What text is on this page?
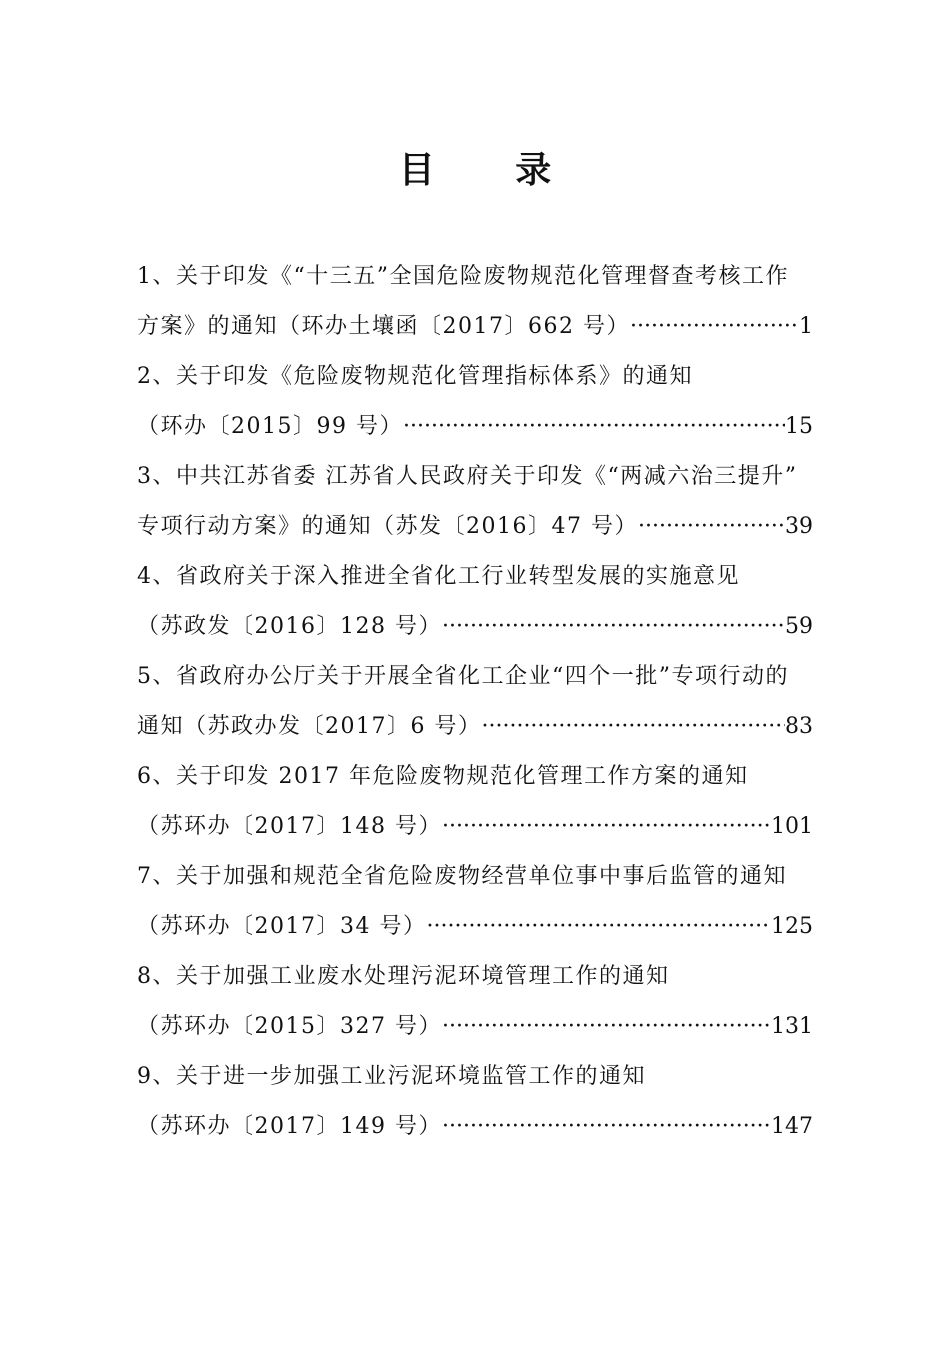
目 录
1、关于印发《“十三五”全国危险废物规范化管理督查考核工作
方案》的通知（环办土壤函〔2017〕662 号） ·····	1
2、关于印发《危险废物规范化管理指标体系》的通知
（环办〔2015〕99 号） ·····	15
3、中共江苏省委 江苏省人民政府关于印发《“两减六治三提升”
专项行动方案》的通知（苏发〔2016〕47 号） ·····	39
4、省政府关于深入推进全省化工行业转型发展的实施意见
（苏政发〔2016〕128 号） ·····	59
5、省政府办公厅关于开展全省化工企业“四个一批”专项行动的
通知（苏政办发〔2017〕6 号） ·····	83
6、关于印发 2017 年危险废物规范化管理工作方案的通知
（苏环办〔2017〕148 号） ·····	101
7、关于加强和规范全省危险废物经营单位事中事后监管的通知
（苏环办〔2017〕34 号） ·····	125
8、关于加强工业废水处理污泥环境管理工作的通知
（苏环办〔2015〕327 号） ·····	131
9、关于进一步加强工业污泥环境监管工作的通知
（苏环办〔2017〕149 号） ·····	147
